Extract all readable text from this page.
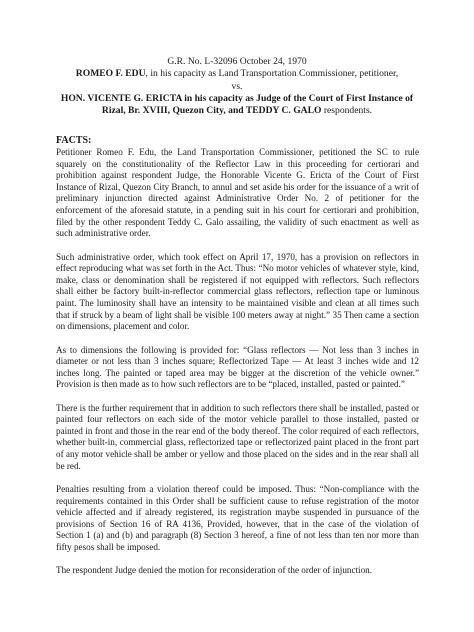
G.R. No. L-32096 October 24, 1970
ROMEO F. EDU, in his capacity as Land Transportation Commissioner, petitioner,
vs.
HON. VICENTE G. ERICTA in his capacity as Judge of the Court of First Instance of
Rizal, Br. XVIII, Quezon City, and TEDDY C. GALO respondents.

FACTS:

Petitioner Romeo F. Edu, the Land Transportation Commissioner, petitioned the SC to rule squarely on the constitutionality of the Reflector Law in this proceeding for certiorari and prohibition against respondent Judge, the Honorable Vicente G. Ericta of the Court of First Instance of Rizal, Quezon City Branch, to annul and set aside his order for the issuance of a writ of preliminary injunction directed against Administrative Order No. 2 of petitioner for the enforcement of the aforesaid statute, in a pending suit in his court for certiorari and prohibition, filed by the other respondent Teddy C. Galo assailing, the validity of such enactment as well as such administrative order.

Such administrative order, which took effect on April 17, 1970, has a provision on reflectors in effect reproducing what was set forth in the Act. Thus: “No motor vehicles of whatever style, kind, make, class or denomination shall be registered if not equipped with reflectors. Such reflectors shall either be factory built-in-reflector commercial glass reflectors, reflection tape or luminous paint. The luminosity shall have an intensity to be maintained visible and clean at all times such that if struck by a beam of light shall be visible 100 meters away at night.” 35 Then came a section on dimensions, placement and color.

As to dimensions the following is provided for: “Glass reflectors — Not less than 3 inches in diameter or not less than 3 inches square; Reflectorized Tape — At least 3 inches wide and 12 inches long. The painted or taped area may be bigger at the discretion of the vehicle owner.” Provision is then made as to how such reflectors are to be “placed, installed, pasted or painted.”

There is the further requirement that in addition to such reflectors there shall be installed, pasted or painted four reflectors on each side of the motor vehicle parallel to those installed, pasted or painted in front and those in the rear end of the body thereof. The color required of each reflectors, whether built-in, commercial glass, reflectorized tape or reflectorized paint placed in the front part of any motor vehicle shall be amber or yellow and those placed on the sides and in the rear shall all be red.

Penalties resulting from a violation thereof could be imposed. Thus: “Non-compliance with the requirements contained in this Order shall be sufficient cause to refuse registration of the motor vehicle affected and if already registered, its registration maybe suspended in pursuance of the provisions of Section 16 of RA 4136, Provided, however, that in the case of the violation of Section 1 (a) and (b) and paragraph (8) Section 3 hereof, a fine of not less than ten nor more than fifty pesos shall be imposed.

The respondent Judge denied the motion for reconsideration of the order of injunction.
